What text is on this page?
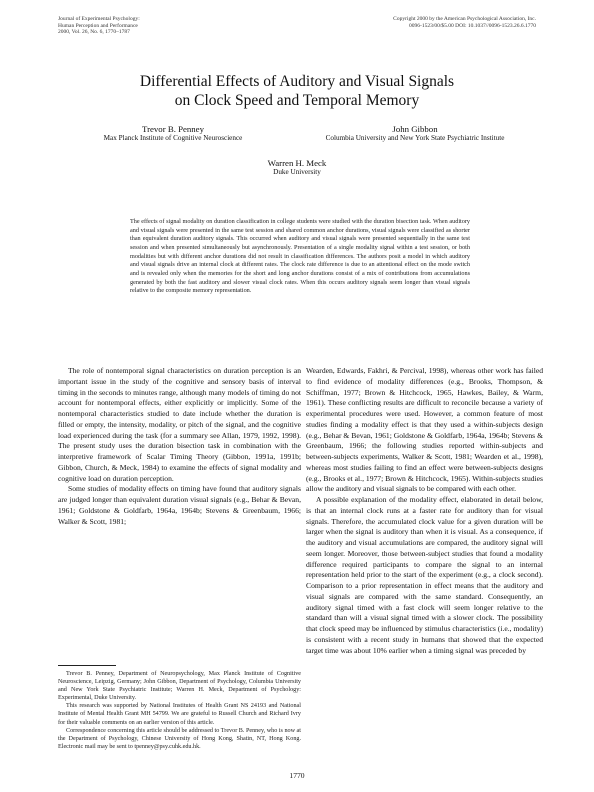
Journal of Experimental Psychology:
Human Perception and Performance
2000, Vol. 26, No. 6, 1770–1787
Copyright 2000 by the American Psychological Association, Inc.
0096-1523/00/$5.00 DOI: 10.1037//0096-1523.26.6.1770
Differential Effects of Auditory and Visual Signals
on Clock Speed and Temporal Memory
Trevor B. Penney
Max Planck Institute of Cognitive Neuroscience
John Gibbon
Columbia University and New York State Psychiatric Institute
Warren H. Meck
Duke University
The effects of signal modality on duration classification in college students were studied with the duration bisection task. When auditory and visual signals were presented in the same test session and shared common anchor durations, visual signals were classified as shorter than equivalent duration auditory signals. This occurred when auditory and visual signals were presented sequentially in the same test session and when presented simultaneously but asynchronously. Presentation of a single modality signal within a test session, or both modalities but with different anchor durations did not result in classification differences. The authors posit a model in which auditory and visual signals drive an internal clock at different rates. The clock rate difference is due to an attentional effect on the mode switch and is revealed only when the memories for the short and long anchor durations consist of a mix of contributions from accumulations generated by both the fast auditory and slower visual clock rates. When this occurs auditory signals seem longer than visual signals relative to the composite memory representation.

The role of nontemporal signal characteristics on duration perception is an important issue in the study of the cognitive and sensory basis of interval timing in the seconds to minutes range, although many models of timing do not account for nontemporal effects, either explicitly or implicitly. Some of the nontemporal characteristics studied to date include whether the duration is filled or empty, the intensity, modality, or pitch of the signal, and the cognitive load experienced during the task (for a summary see Allan, 1979, 1992, 1998). The present study uses the duration bisection task in combination with the interpretive framework of Scalar Timing Theory (Gibbon, 1991a, 1991b; Gibbon, Church, & Meck, 1984) to examine the effects of signal modality and cognitive load on duration perception.

Some studies of modality effects on timing have found that auditory signals are judged longer than equivalent duration visual signals (e.g., Behar & Bevan, 1961; Goldstone & Goldfarb, 1964a, 1964b; Stevens & Greenbaum, 1966; Walker & Scott, 1981;

Trevor B. Penney, Department of Neuropsychology, Max Planck Institute of Cognitive Neuroscience, Leipzig, Germany; John Gibbon, Department of Psychology, Columbia University and New York State Psychiatric Institute; Warren H. Meck, Department of Psychology: Experimental, Duke University.

This research was supported by National Institutes of Health Grant NS 24193 and National Institute of Mental Health Grant MH 54799. We are grateful to Russell Church and Richard Ivry for their valuable comments on an earlier version of this article.

Correspondence concerning this article should be addressed to Trevor B. Penney, who is now at the Department of Psychology, Chinese University of Hong Kong, Shatin, NT, Hong Kong. Electronic mail may be sent to tpenney@psy.cuhk.edu.hk.

Wearden, Edwards, Fakhri, & Percival, 1998), whereas other work has failed to find evidence of modality differences (e.g., Brooks, Thompson, & Schiffman, 1977; Brown & Hitchcock, 1965, Hawkes, Bailey, & Warm, 1961). These conflicting results are difficult to reconcile because a variety of experimental procedures were used. However, a common feature of most studies finding a modality effect is that they used a within-subjects design (e.g., Behar & Bevan, 1961; Goldstone & Goldfarb, 1964a, 1964b; Stevens & Greenbaum, 1966; the following studies reported within-subjects and between-subjects experiments, Walker & Scott, 1981; Wearden et al., 1998), whereas most studies failing to find an effect were between-subjects designs (e.g., Brooks et al., 1977; Brown & Hitchcock, 1965). Within-subjects studies allow the auditory and visual signals to be compared with each other.

A possible explanation of the modality effect, elaborated in detail below, is that an internal clock runs at a faster rate for auditory than for visual signals. Therefore, the accumulated clock value for a given duration will be larger when the signal is auditory than when it is visual. As a consequence, if the auditory and visual accumulations are compared, the auditory signal will seem longer. Moreover, those between-subject studies that found a modality difference required participants to compare the signal to an internal representation held prior to the start of the experiment (e.g., a clock second). Comparison to a prior representation in effect means that the auditory and visual signals are compared with the same standard. Consequently, an auditory signal timed with a fast clock will seem longer relative to the standard than will a visual signal timed with a slower clock. The possibility that clock speed may be influenced by stimulus characteristics (i.e., modality) is consistent with a recent study in humans that showed that the expected target time was about 10% earlier when a timing signal was preceded by

1770
